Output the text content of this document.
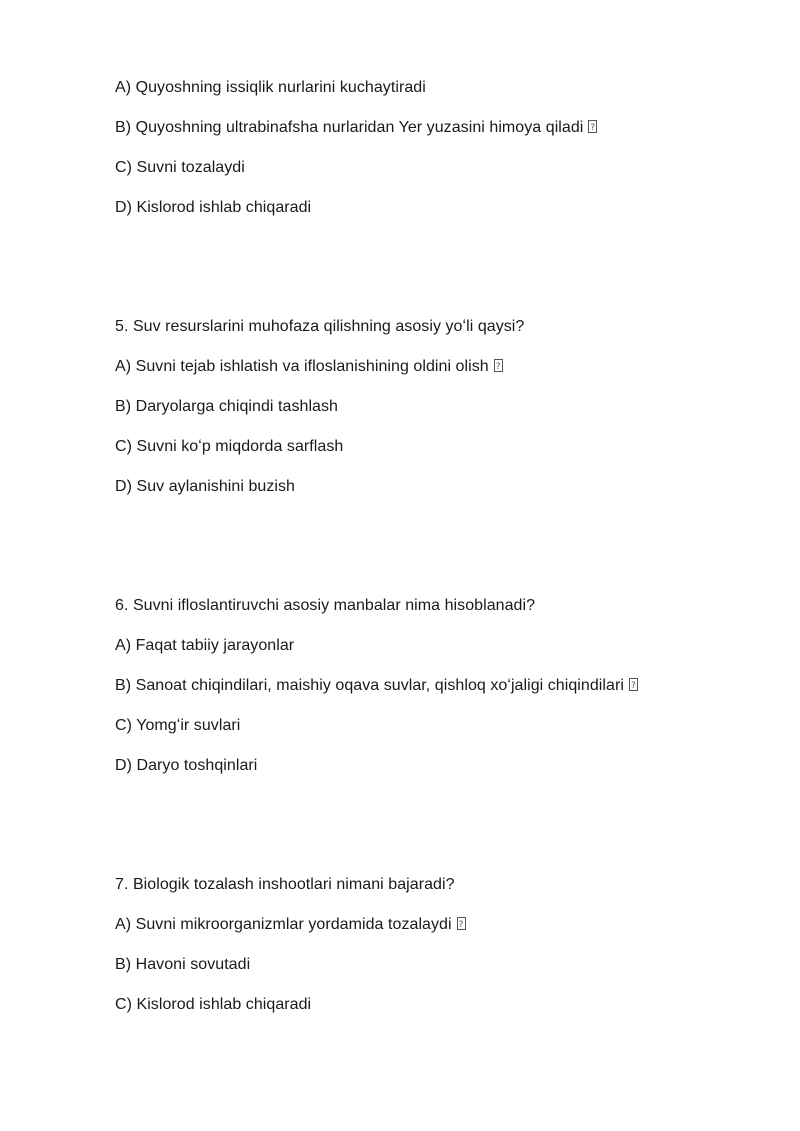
A) Quyoshning issiqlik nurlarini kuchaytiradi
B) Quyoshning ultrabinafsha nurlaridan Yer yuzasini himoya qiladi?
C) Suvni tozalaydi
D) Kislorod ishlab chiqaradi
5. Suv resurslarini muhofaza qilishning asosiy yoʻli qaysi?
A) Suvni tejab ishlatish va ifloslanishining oldini olish?
B) Daryolarga chiqindi tashlash
C) Suvni koʻp miqdorda sarflash
D) Suv aylanishini buzish
6. Suvni ifloslantiruvchi asosiy manbalar nima hisoblanadi?
A) Faqat tabiiy jarayonlar
B) Sanoat chiqindilari, maishiy oqava suvlar, qishloq xoʻjaligi chiqindilari?
C) Yomgʻir suvlari
D) Daryo toshqinlari
7. Biologik tozalash inshootlari nimani bajaradi?
A) Suvni mikroorganizmlar yordamida tozalaydi?
B) Havoni sovutadi
C) Kislorod ishlab chiqaradi
